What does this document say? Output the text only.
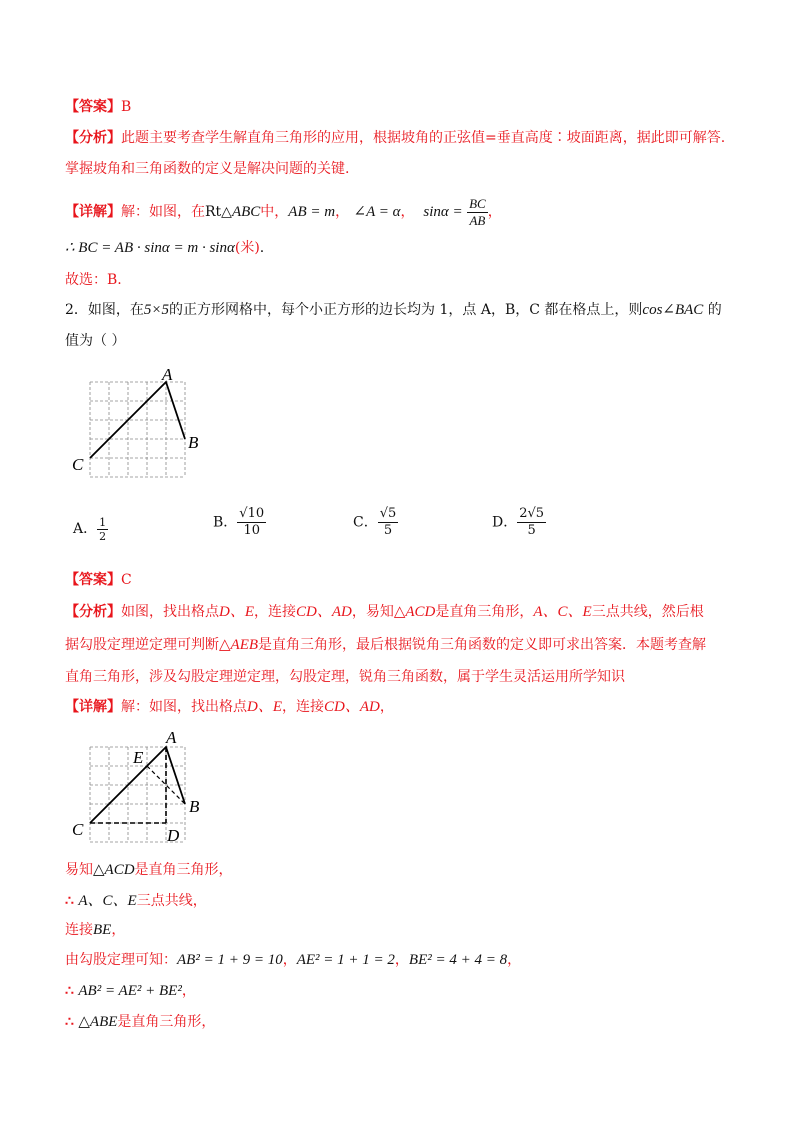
【答案】B
【分析】此题主要考查学生解直角三角形的应用，根据坡角的正弦值=垂直高度∶坡面距离，据此即可解答.
掌握坡角和三角函数的定义是解决问题的关键.
【详解】解：如图，在Rt△ABC中，AB = m， ∠A = α， $\sin\alpha = \frac{BC}{AB}$ ，
∴ BC = AB · sinα = m · sinα(米).
故选：B.
2．如图，在5×5的正方形网格中，每个小正方形的边长均为 1，点 A，B，C 都在格点上，则cos∠BAC 的
值为（ ）
A
B
C
A． $\frac{1}{2}$	B． $\frac{√10}{10}$	C． $\frac{√5}{5}$	D． $\frac{2√5}{5}$
【答案】C
【分析】如图，找出格点D、E，连接CD、AD，易知△ACD是直角三角形，A、C、E三点共线，然后根
据勾股定理逆定理可判断△AEB是直角三角形，最后根据锐角三角函数的定义即可求出答案．本题考查解
直角三角形，涉及勾股定理逆定理，勾股定理，锐角三角函数，属于学生灵活运用所学知识
【详解】解：如图，找出格点D、E，连接CD、AD，
A
B
C	D
E
易知△ACD是直角三角形，
∴ A、C、E三点共线，
连接BE，
由勾股定理可知：AB² = 1 + 9 = 10，AE² = 1 + 1 = 2，BE² = 4 + 4 = 8，
∴ AB² = AE² + BE²，
∴ △ABE是直角三角形，
